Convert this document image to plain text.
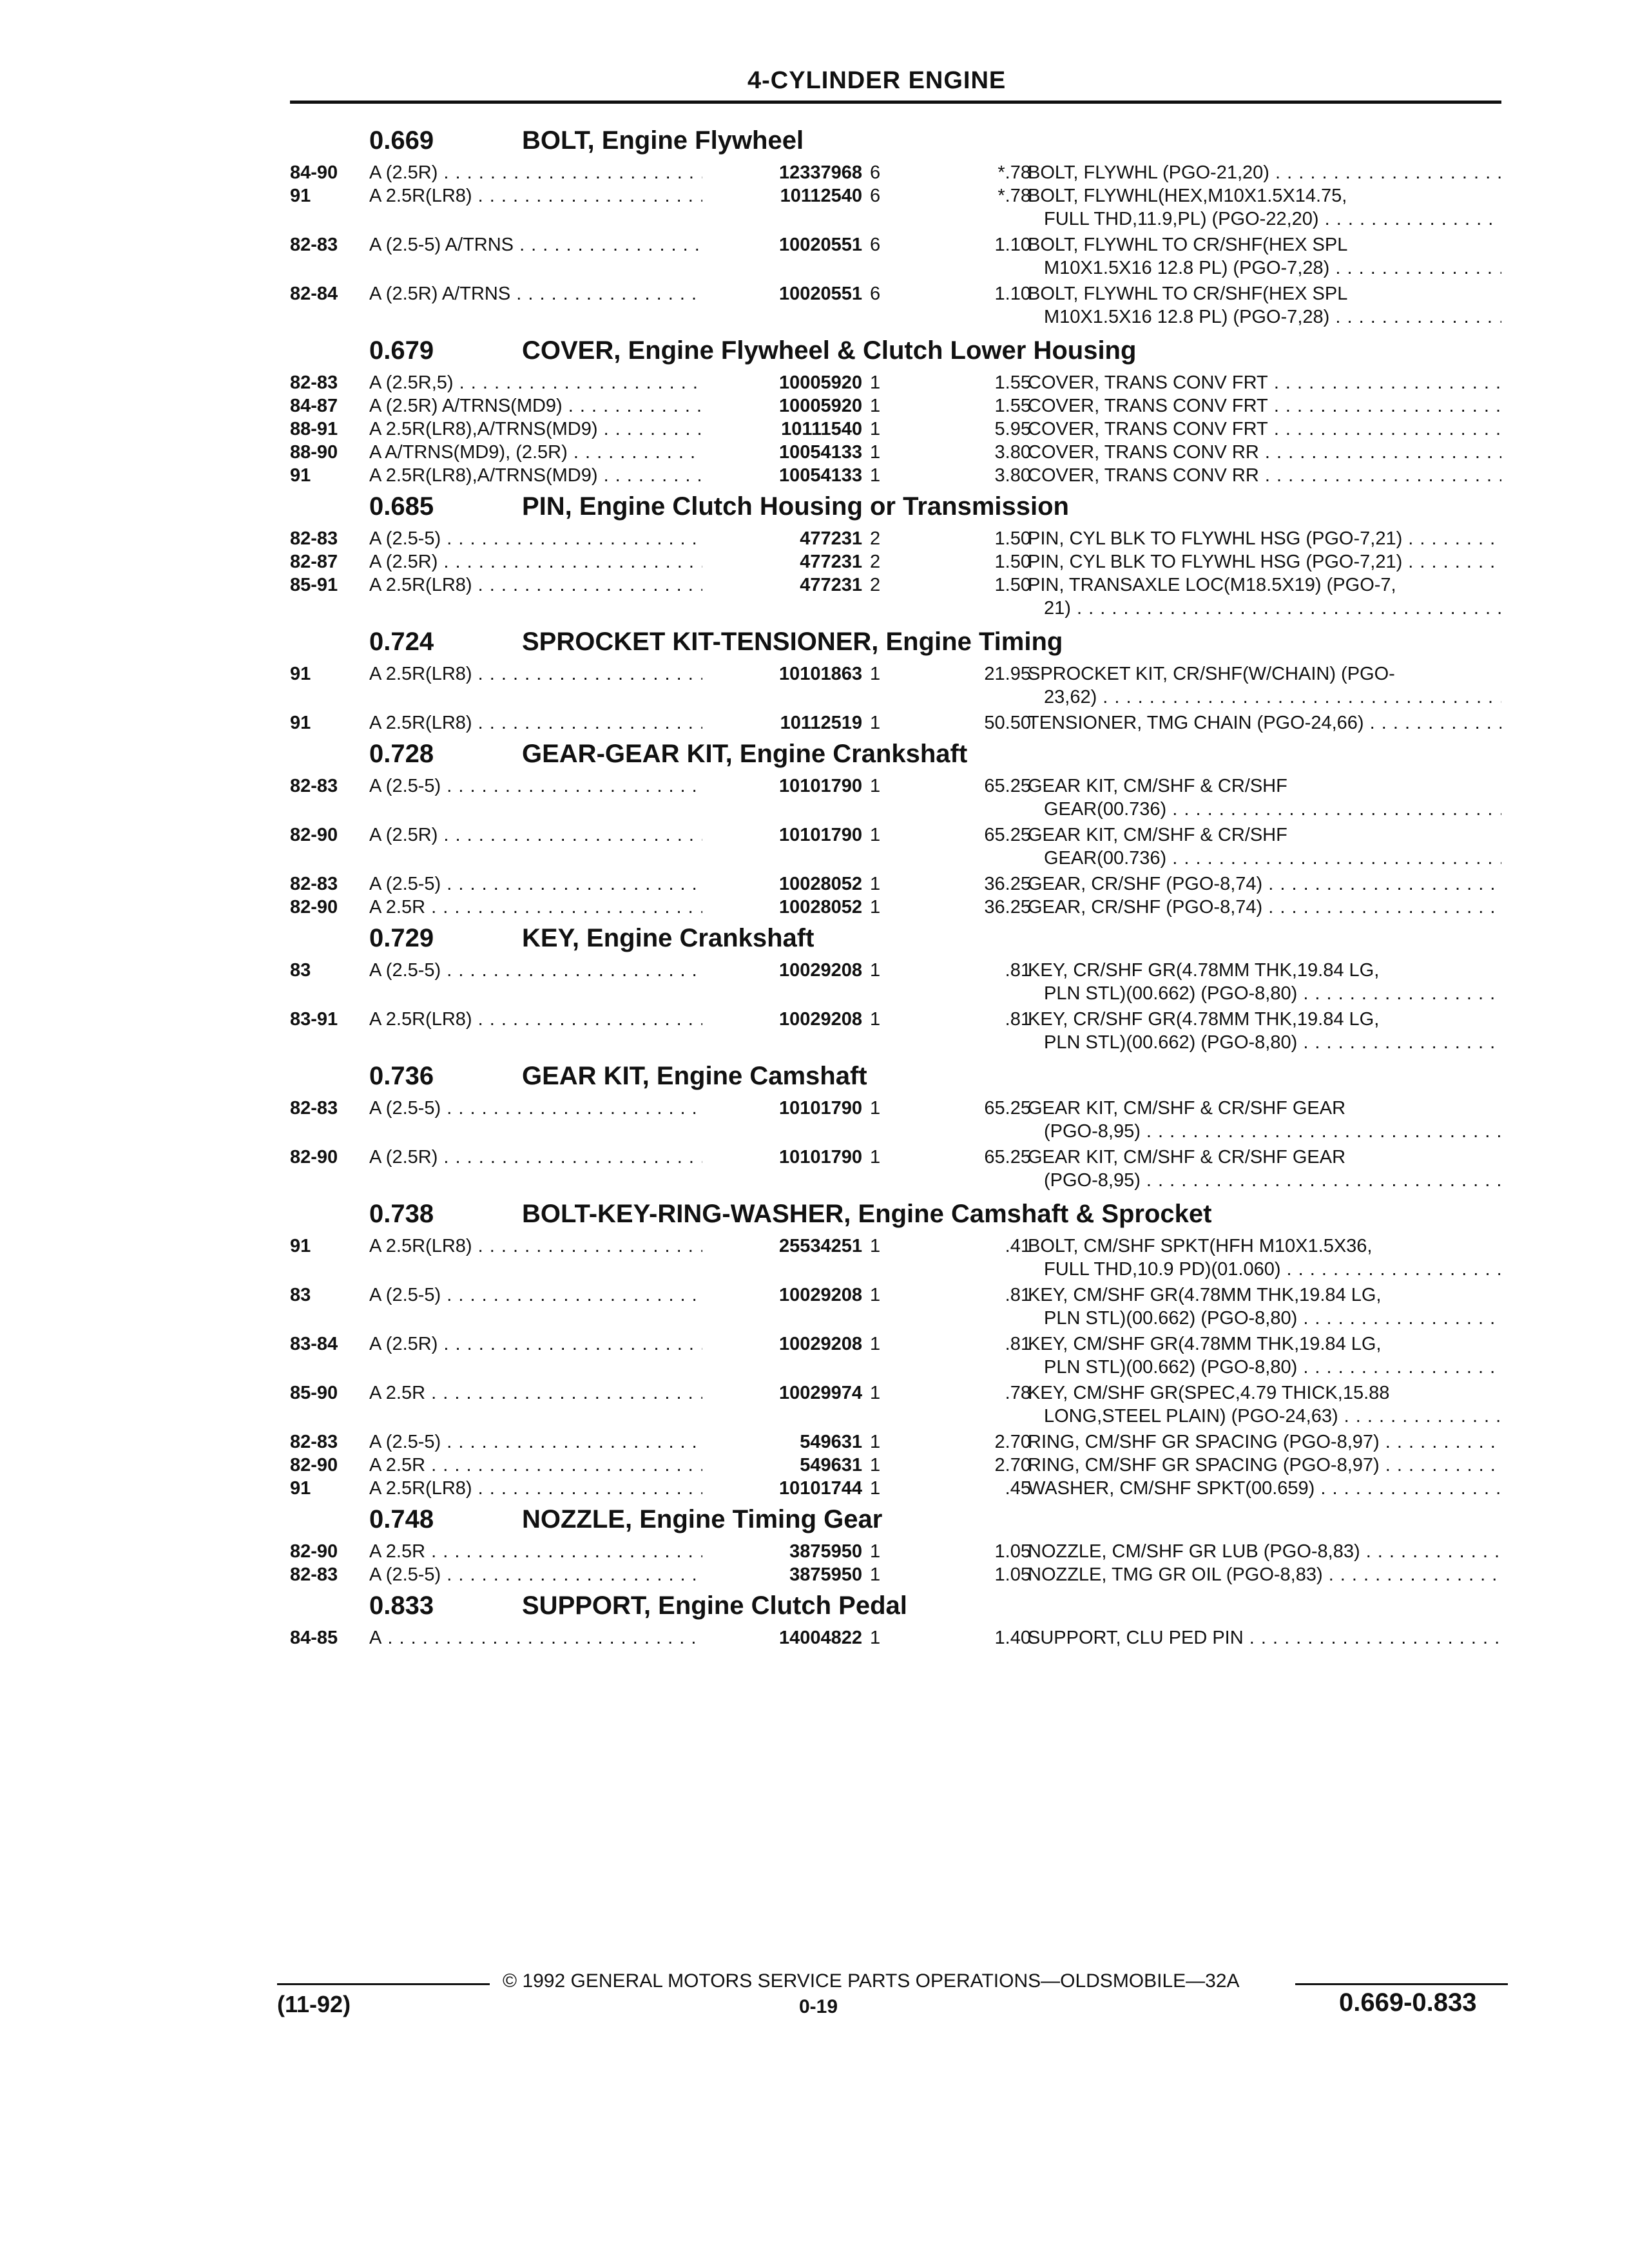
4-CYLINDER ENGINE
0.669	BOLT, Engine Flywheel
84-90 A (2.5R) . . .	12337968 6	*.78
BOLT, FLYWHL (PGO-21,20) . . .
91	A 2.5R(LR8) . . .	10112540 6	*.78
BOLT, FLYWHL(HEX,M10X1.5X14.75,
FULL THD,11.9,PL) (PGO-22,20) . . .
82-83 A (2.5-5) A/TRNS . . .	10020551 6	1.10
BOLT, FLYWHL TO CR/SHF(HEX SPL
M10X1.5X16 12.8 PL) (PGO-7,28) . . .
82-84 A (2.5R) A/TRNS . . .	10020551 6	1.10
BOLT, FLYWHL TO CR/SHF(HEX SPL
M10X1.5X16 12.8 PL) (PGO-7,28) . . .
0.679	COVER, Engine Flywheel & Clutch Lower Housing
82-83 A (2.5R,5) . . .	10005920 1	1.55
COVER, TRANS CONV FRT . . .
84-87 A (2.5R) A/TRNS(MD9) . . .	10005920 1	1.55
COVER, TRANS CONV FRT . . .
88-91 A 2.5R(LR8),A/TRNS(MD9) . . .	10111540 1	5.95
COVER, TRANS CONV FRT . . .
88-90 A A/TRNS(MD9), (2.5R) . . .	10054133 1	3.80
COVER, TRANS CONV RR . . .
91	A 2.5R(LR8),A/TRNS(MD9) . . .	10054133 1	3.80
COVER, TRANS CONV RR . . .
0.685	PIN, Engine Clutch Housing or Transmission
82-83 A (2.5-5) . . .	477231 2	1.50
PIN, CYL BLK TO FLYWHL HSG (PGO-7,21) . . .
82-87 A (2.5R) . . .	477231 2	1.50
PIN, CYL BLK TO FLYWHL HSG (PGO-7,21) . . .
85-91 A 2.5R(LR8) . . .	477231 2	1.50
PIN, TRANSAXLE LOC(M18.5X19) (PGO-7,
21) . . .
0.724	SPROCKET KIT-TENSIONER, Engine Timing
91	A 2.5R(LR8) . . .	10101863 1	21.95
SPROCKET KIT, CR/SHF(W/CHAIN) (PGO-
23,62) . . .
91	A 2.5R(LR8) . . .	10112519 1	50.50
TENSIONER, TMG CHAIN (PGO-24,66) . . .
0.728	GEAR-GEAR KIT, Engine Crankshaft
82-83 A (2.5-5) . . .	10101790 1	65.25
GEAR KIT, CM/SHF & CR/SHF
GEAR(00.736) . . .
82-90 A (2.5R) . . .	10101790 1	65.25
GEAR KIT, CM/SHF & CR/SHF
GEAR(00.736) . . .
82-83 A (2.5-5) . . .	10028052 1	36.25
GEAR, CR/SHF (PGO-8,74) . . .
82-90 A 2.5R . . .	10028052 1	36.25
GEAR, CR/SHF (PGO-8,74) . . .
0.729	KEY, Engine Crankshaft
83	A (2.5-5) . . .	10029208 1	.81
KEY, CR/SHF GR(4.78MM THK,19.84 LG,
PLN STL)(00.662) (PGO-8,80) . . .
83-91 A 2.5R(LR8) . . .	10029208 1	.81
KEY, CR/SHF GR(4.78MM THK,19.84 LG,
PLN STL)(00.662) (PGO-8,80) . . .
0.736	GEAR KIT, Engine Camshaft
82-83 A (2.5-5) . . .	10101790 1	65.25
GEAR KIT, CM/SHF & CR/SHF GEAR
(PGO-8,95) . . .
82-90 A (2.5R) . . .	10101790 1	65.25
GEAR KIT, CM/SHF & CR/SHF GEAR
(PGO-8,95) . . .
0.738	BOLT-KEY-RING-WASHER, Engine Camshaft & Sprocket
91	A 2.5R(LR8) . . .	25534251 1	.41
BOLT, CM/SHF SPKT(HFH M10X1.5X36,
FULL THD,10.9 PD)(01.060) . . .
83	A (2.5-5) . . .	10029208 1	.81
KEY, CM/SHF GR(4.78MM THK,19.84 LG,
PLN STL)(00.662) (PGO-8,80) . . .
83-84 A (2.5R) . . .	10029208 1	.81
KEY, CM/SHF GR(4.78MM THK,19.84 LG,
PLN STL)(00.662) (PGO-8,80) . . .
85-90 A 2.5R . . .	10029974 1	.78
KEY, CM/SHF GR(SPEC,4.79 THICK,15.88
LONG,STEEL PLAIN) (PGO-24,63) . . .
82-83 A (2.5-5) . . .	549631 1	2.70
RING, CM/SHF GR SPACING (PGO-8,97) . . .
82-90 A 2.5R . . .	549631 1	2.70
RING, CM/SHF GR SPACING (PGO-8,97) . . .
91	A 2.5R(LR8) . . .	10101744 1	.45
WASHER, CM/SHF SPKT(00.659) . . .
0.748	NOZZLE, Engine Timing Gear
82-90 A 2.5R . . .	3875950 1	1.05
NOZZLE, CM/SHF GR LUB (PGO-8,83) . . .
82-83 A (2.5-5) . . .	3875950 1	1.05
NOZZLE, TMG GR OIL (PGO-8,83) . . .
0.833	SUPPORT, Engine Clutch Pedal
84-85 A . . .	14004822 1	1.40
SUPPORT, CLU PED PIN . . .
© 1992 GENERAL MOTORS SERVICE PARTS OPERATIONS—OLDSMOBILE—32A
(11-92)	0-19	0.669-0.833
